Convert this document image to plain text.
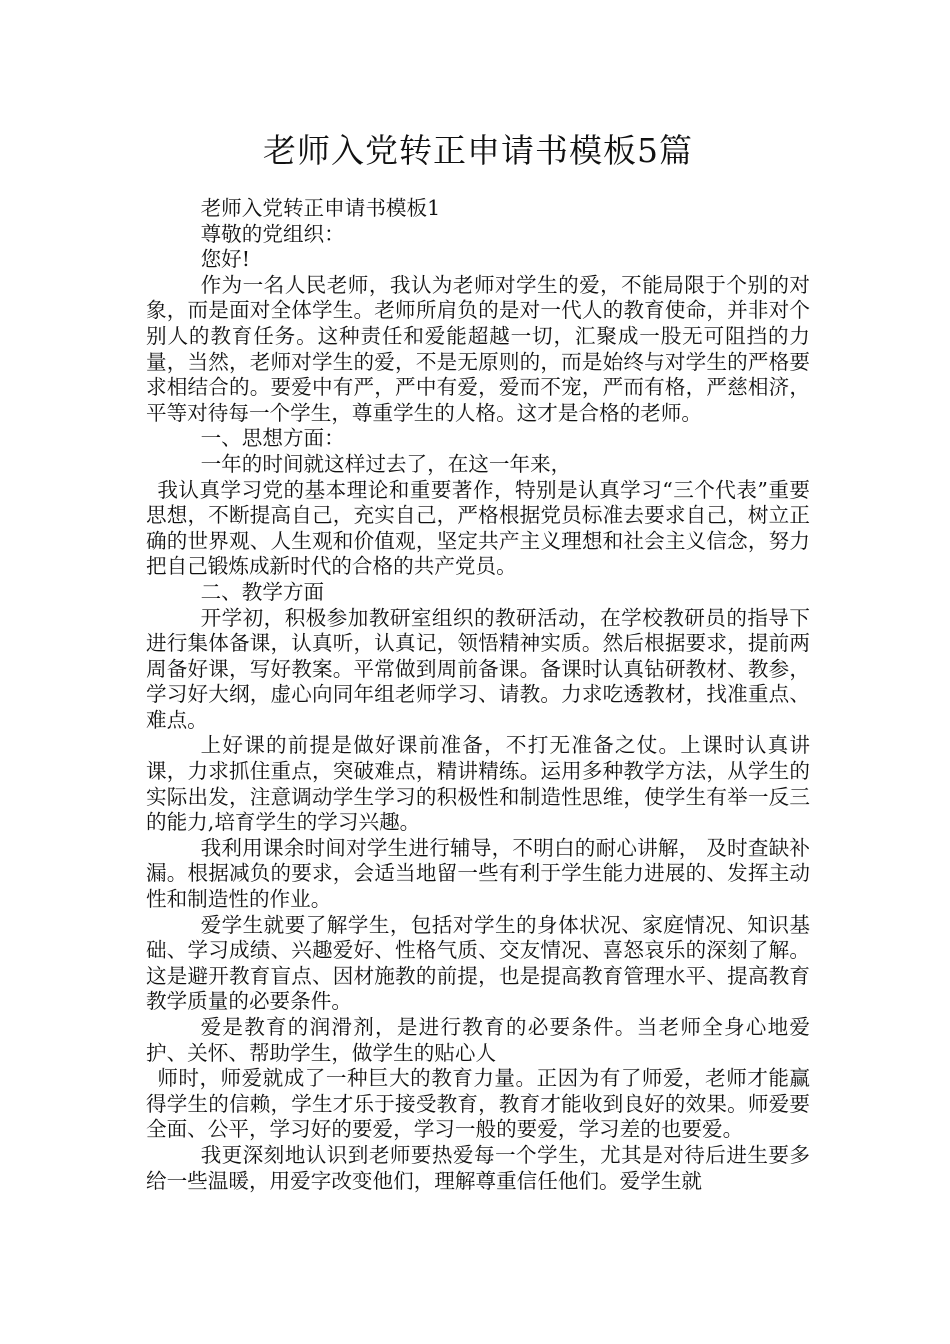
老师入党转正申请书模板5篇

老师入党转正申请书模板1

尊敬的党组织：

您好!

作为一名人民老师，我认为老师对学生的爱，不能局限于个别的对象，而是面对全体学生。老师所肩负的是对一代人的教育使命，并非对个别人的教育任务。这种责任和爱能超越一切，汇聚成一股无可阻挡的力量，当然，老师对学生的爱，不是无原则的，而是始终与对学生的严格要求相结合的。要爱中有严，严中有爱，爱而不宠，严而有格，严慈相济，平等对待每一个学生，尊重学生的人格。这才是合格的老师。

一、思想方面：

一年的时间就这样过去了，在这一年来，

我认真学习党的基本理论和重要著作，特别是认真学习“三个代表”重要思想，不断提高自己，充实自己，严格根据党员标准去要求自己，树立正确的世界观、人生观和价值观，坚定共产主义理想和社会主义信念，努力把自己锻炼成新时代的合格的共产党员。

二、教学方面

开学初，积极参加教研室组织的教研活动，在学校教研员的指导下进行集体备课，认真听，认真记，领悟精神实质。然后根据要求，提前两周备好课，写好教案。平常做到周前备课。备课时认真钻研教材、教参，学习好大纲，虚心向同年组老师学习、请教。力求吃透教材，找准重点、难点。

上好课的前提是做好课前准备，不打无准备之仗。上课时认真讲课，力求抓住重点，突破难点，精讲精练。运用多种教学方法，从学生的实际出发，注意调动学生学习的积极性和制造性思维，使学生有举一反三的能力,培育学生的学习兴趣。

我利用课余时间对学生进行辅导，不明白的耐心讲解， 及时查缺补漏。根据减负的要求，会适当地留一些有利于学生能力进展的、发挥主动性和制造性的作业。

爱学生就要了解学生，包括对学生的身体状况、家庭情况、知识基础、学习成绩、兴趣爱好、性格气质、交友情况、喜怒哀乐的深刻了解。这是避开教育盲点、因材施教的前提，也是提高教育管理水平、提高教育教学质量的必要条件。

爱是教育的润滑剂，是进行教育的必要条件。当老师全身心地爱护、关怀、帮助学生，做学生的贴心人

师时，师爱就成了一种巨大的教育力量。正因为有了师爱，老师才能赢得学生的信赖，学生才乐于接受教育，教育才能收到良好的效果。师爱要全面、公平，学习好的要爱，学习一般的要爱，学习差的也要爱。

我更深刻地认识到老师要热爱每一个学生，尤其是对待后进生要多给一些温暖，用爱字改变他们，理解尊重信任他们。爱学生就
